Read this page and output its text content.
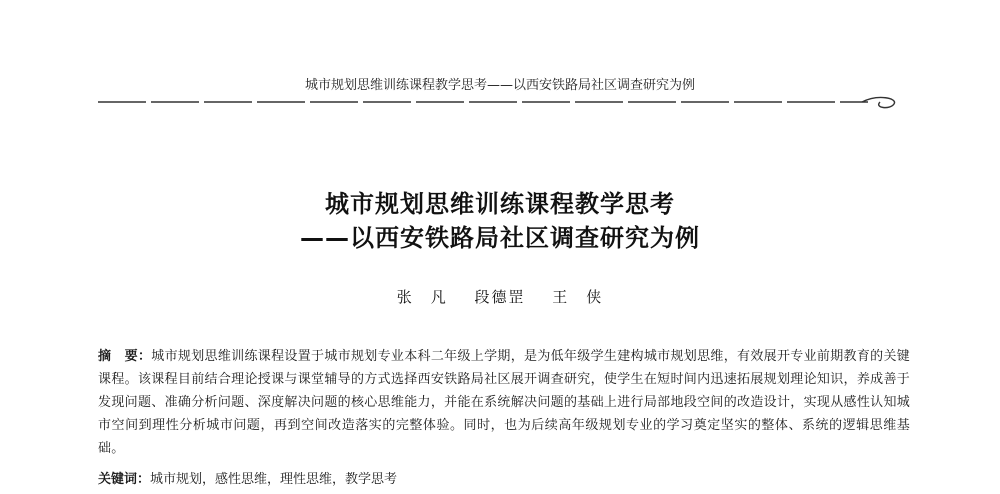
城市规划思维训练课程教学思考——以西安铁路局社区调查研究为例
城市规划思维训练课程教学思考
——以西安铁路局社区调查研究为例
张　凡 段德罡 王　侠
摘　要：城市规划思维训练课程设置于城市规划专业本科二年级上学期，是为低年级学生建构城市规划思维，有效展开专业前期教育的关键课程。该课程目前结合理论授课与课堂辅导的方式选择西安铁路局社区展开调查研究，使学生在短时间内迅速拓展规划理论知识，养成善于发现问题、准确分析问题、深度解决问题的核心思维能力，并能在系统解决问题的基础上进行局部地段空间的改造设计，实现从感性认知城市空间到理性分析城市问题，再到空间改造落实的完整体验。同时，也为后续高年级规划专业的学习奠定坚实的整体、系统的逻辑思维基础。
关键词：城市规划，感性思维，理性思维，教学思考
